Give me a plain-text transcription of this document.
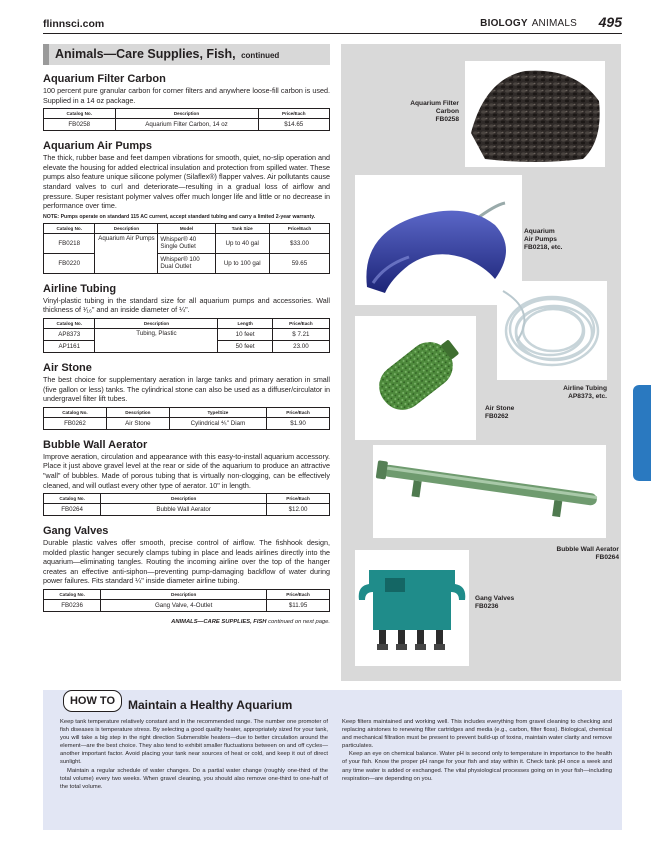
flinnsci.com	BIOLOGY ANIMALS 495
Animals—Care Supplies, Fish, continued
Aquarium Filter Carbon

100 percent pure granular carbon for corner filters and anywhere loose-fill carbon is used. Supplied in a 14 oz package.

Catalog No.	Description	Price/Each
FB0258	Aquarium Filter Carbon, 14 oz	$14.65
Aquarium Air Pumps

The thick, rubber base and feet dampen vibrations for smooth, quiet, no-slip operation and elevate the housing for added electrical insulation and protection from spilled water. These pumps also feature unique silicone polymer (Silaflex®) flapper valves. Air pollutants cause standard valves to curl and deteriorate—resulting in a gradual loss of airflow and pressure. Super resistant polymer valves offer much longer life and little or no decrease in performance over time.

NOTE: Pumps operate on standard 115 AC current, accept standard tubing and carry a limited 2-year warranty.

Catalog No.	Description	Model	Tank Size	Price/Each
FB0218	Aquarium Air Pumps	Whisper® 40 Single Outlet	Up to 40 gal	$33.00
FB0220		Whisper® 100 Dual Outlet	Up to 100 gal	59.65
Airline Tubing

Vinyl-plastic tubing in the standard size for all aquarium pumps and accessories. Wall thickness of ¹⁄₁₆" and an inside diameter of ¼".

Catalog No.	Description	Length	Price/Each
AP8373	Tubing, Plastic	10 feet	$ 7.21
AP1161		50 feet	23.00
Air Stone

The best choice for supplementary aeration in large tanks and primary aeration in small (five gallon or less) tanks. The cylindrical stone can also be used as a diffuser/circulator in undergravel filter lift tubes.

Catalog No.	Description	Type/Size	Price/Each
FB0262	Air Stone	Cylindrical ⅘" Diam	$1.90
Bubble Wall Aerator

Improve aeration, circulation and appearance with this easy-to-install aquarium accessory. Place it just above gravel level at the rear or side of the aquarium to produce an attractive "wall" of bubbles. Made of porous tubing that is virtually non-clogging, can be effectively cleaned, and will outlast every other type of aerator. 10" in length.

Catalog No.	Description	Price/Each
FB0264	Bubble Wall Aerator	$12.00
Gang Valves

Durable plastic valves offer smooth, precise control of airflow. The fishhook design, molded plastic hanger securely clamps tubing in place and leads airlines directly into the aquarium—eliminating tangles. Routing the incoming airline over the top of the hanger creates an effective anti-siphon—preventing pump-damaging backflow of water during power failures. Fits standard ¼" inside diameter airline tubing.

Catalog No.	Description	Price/Each
FB0236	Gang Valve, 4-Outlet	$11.95
ANIMALS—CARE SUPPLIES, FISH continued on next page.
Aquarium Filter
Carbon
FB0258
Aquarium
Air Pumps
FB0218, etc.
Airline Tubing
AP8373, etc.
Air Stone
FB0262
Bubble Wall Aerator
FB0264
Gang Valves
FB0236
HOW TO	Maintain a Healthy Aquarium

Keep tank temperature relatively constant and in the recommended range. The number one promoter of fish diseases is temperature stress. By selecting a good quality heater, appropriately sized for your tank, you will take a big step in the right direction Submersible heaters—due to better circulation around the element—are the best choice. They also tend to exhibit smaller fluctuations between on and off cycles—another important factor. Avoid placing your tank near sources of heat or cold, and keep it out of direct sunlight.

Maintain a regular schedule of water changes. Do a partial water change (roughly one-third of the total volume) every two weeks. When gravel cleaning, you should also remove one-third to one-half of the total volume.

Keep filters maintained and working well. This includes everything from gravel cleaning to checking and replacing airstones to renewing filter cartridges and media (e.g., carbon, filter floss). Biological, chemical and mechanical filtration must be present to prevent build-up of toxins, maintain water clarity and remove particulates.

Keep an eye on chemical balance. Water pH is second only to temperature in importance to the health of your fish. Know the proper pH range for your fish and stay within it. Check tank pH once a week and any time water is added or exchanged. The vital physiological processes going on in your fish—including respiration—are depending on you.
